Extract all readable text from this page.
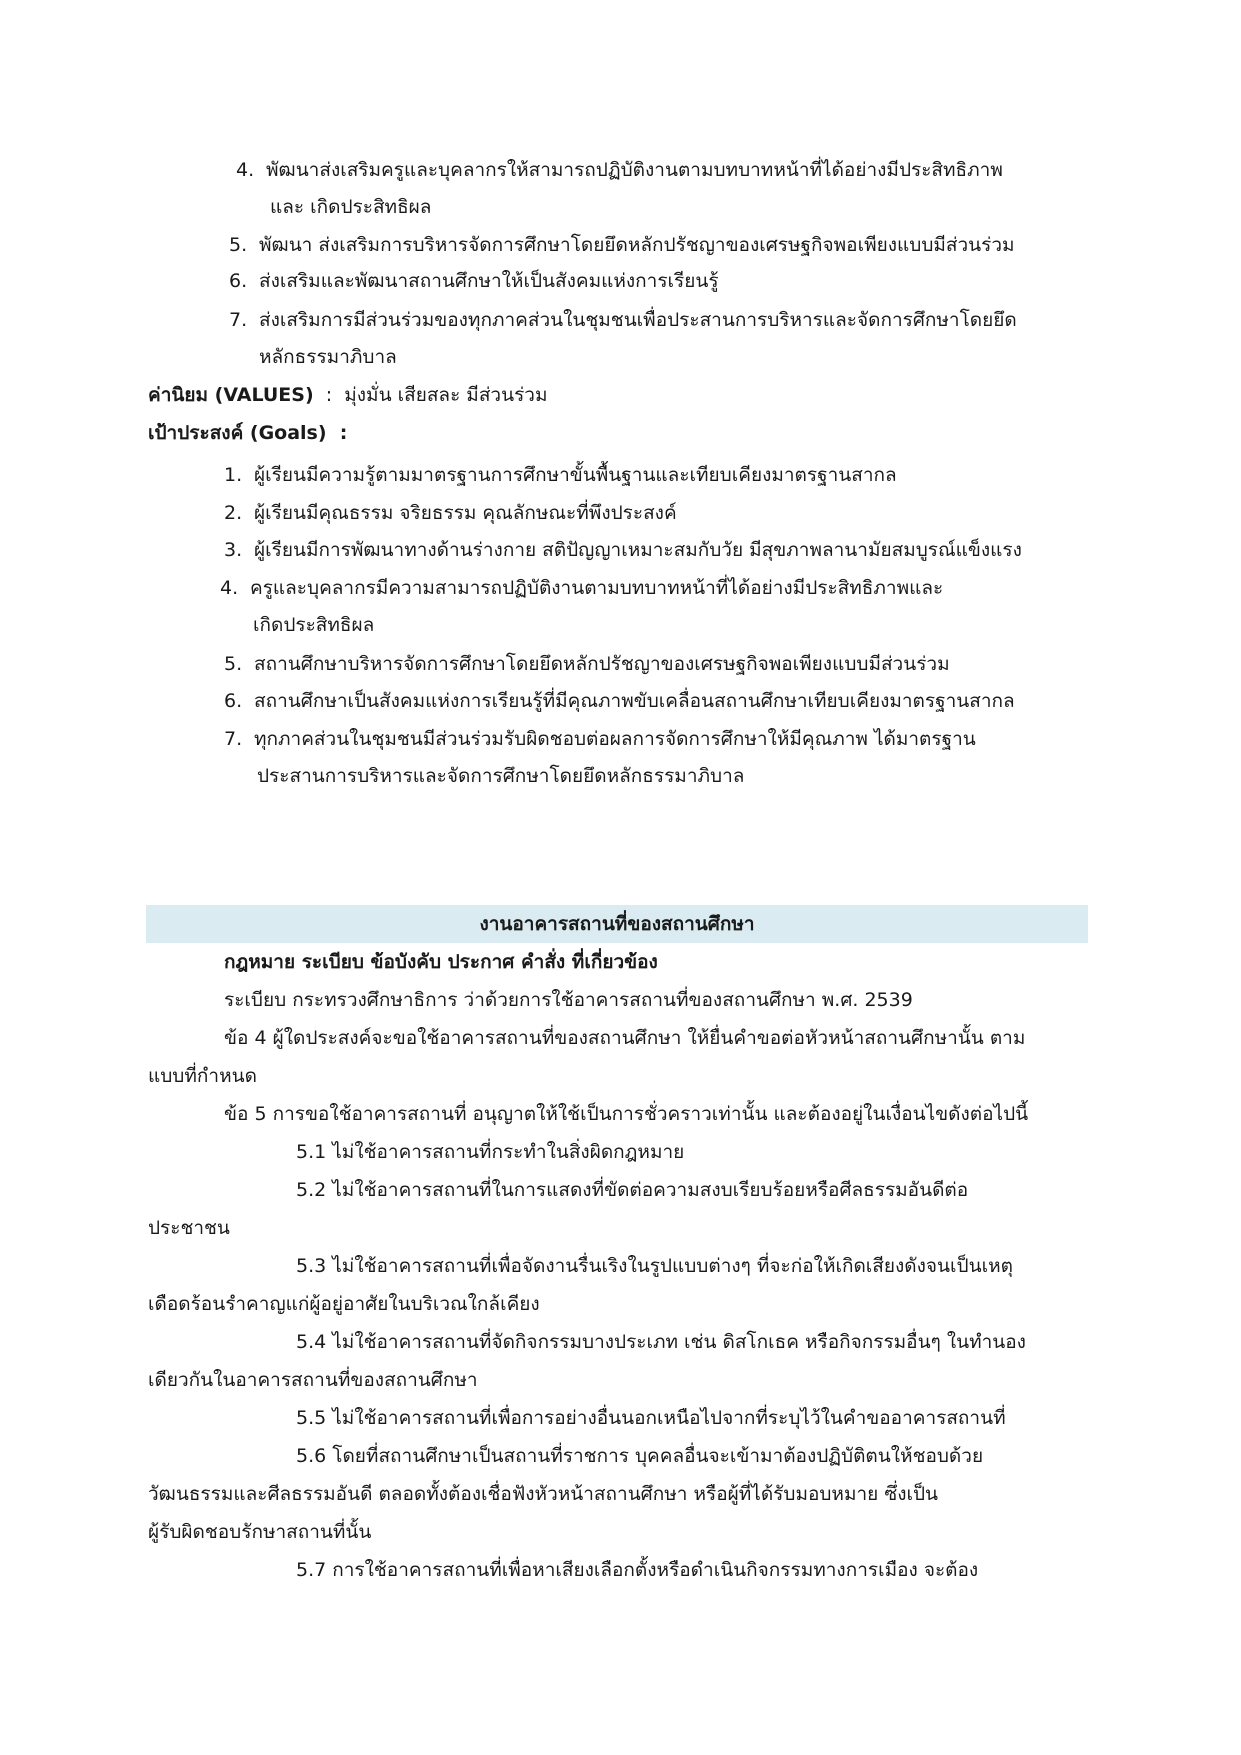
4. พัฒนาส่งเสริมครูและบุคลากรให้สามารถปฏิบัติงานตามบทบาทหน้าที่ได้อย่างมีประสิทธิภาพ
และ เกิดประสิทธิผล
5. พัฒนา ส่งเสริมการบริหารจัดการศึกษาโดยยึดหลักปรัชญาของเศรษฐกิจพอเพียงแบบมีส่วนร่วม
6. ส่งเสริมและพัฒนาสถานศึกษาให้เป็นสังคมแห่งการเรียนรู้
7. ส่งเสริมการมีส่วนร่วมของทุกภาคส่วนในชุมชนเพื่อประสานการบริหารและจัดการศึกษาโดยยึด
หลักธรรมาภิบาล
ค่านิยม (VALUES) : มุ่งมั่น เสียสละ มีส่วนร่วม
เป้าประสงค์ (Goals) :
1. ผู้เรียนมีความรู้ตามมาตรฐานการศึกษาขั้นพื้นฐานและเทียบเคียงมาตรฐานสากล
2. ผู้เรียนมีคุณธรรม จริยธรรม คุณลักษณะที่พึงประสงค์
3. ผู้เรียนมีการพัฒนาทางด้านร่างกาย สติปัญญาเหมาะสมกับวัย มีสุขภาพลานามัยสมบูรณ์แข็งแรง
4. ครูและบุคลากรมีความสามารถปฏิบัติงานตามบทบาทหน้าที่ได้อย่างมีประสิทธิภาพและ
เกิดประสิทธิผล
5. สถานศึกษาบริหารจัดการศึกษาโดยยึดหลักปรัชญาของเศรษฐกิจพอเพียงแบบมีส่วนร่วม
6. สถานศึกษาเป็นสังคมแห่งการเรียนรู้ที่มีคุณภาพขับเคลื่อนสถานศึกษาเทียบเคียงมาตรฐานสากล
7. ทุกภาคส่วนในชุมชนมีส่วนร่วมรับผิดชอบต่อผลการจัดการศึกษาให้มีคุณภาพ ได้มาตรฐาน
ประสานการบริหารและจัดการศึกษาโดยยึดหลักธรรมาภิบาล
งานอาคารสถานที่ของสถานศึกษา
กฎหมาย ระเบียบ ข้อบังคับ ประกาศ คำสั่ง ที่เกี่ยวข้อง
ระเบียบ กระทรวงศึกษาธิการ ว่าด้วยการใช้อาคารสถานที่ของสถานศึกษา พ.ศ. 2539
ข้อ 4 ผู้ใดประสงค์จะขอใช้อาคารสถานที่ของสถานศึกษา ให้ยื่นคำขอต่อหัวหน้าสถานศึกษานั้น ตาม
แบบที่กำหนด
ข้อ 5 การขอใช้อาคารสถานที่ อนุญาตให้ใช้เป็นการชั่วคราวเท่านั้น และต้องอยู่ในเงื่อนไขดังต่อไปนี้
5.1 ไม่ใช้อาคารสถานที่กระทำในสิ่งผิดกฎหมาย
5.2 ไม่ใช้อาคารสถานที่ในการแสดงที่ขัดต่อความสงบเรียบร้อยหรือศีลธรรมอันดีต่อ
ประชาชน
5.3 ไม่ใช้อาคารสถานที่เพื่อจัดงานรื่นเริงในรูปแบบต่างๆ ที่จะก่อให้เกิดเสียงดังจนเป็นเหตุ
เดือดร้อนรำคาญแก่ผู้อยู่อาศัยในบริเวณใกล้เคียง
5.4 ไม่ใช้อาคารสถานที่จัดกิจกรรมบางประเภท เช่น ดิสโกเธค หรือกิจกรรมอื่นๆ ในทำนอง
เดียวกันในอาคารสถานที่ของสถานศึกษา
5.5 ไม่ใช้อาคารสถานที่เพื่อการอย่างอื่นนอกเหนือไปจากที่ระบุไว้ในคำขออาคารสถานที่
5.6 โดยที่สถานศึกษาเป็นสถานที่ราชการ บุคคลอื่นจะเข้ามาต้องปฏิบัติตนให้ชอบด้วย
วัฒนธรรมและศีลธรรมอันดี ตลอดทั้งต้องเชื่อฟังหัวหน้าสถานศึกษา หรือผู้ที่ได้รับมอบหมาย ซึ่งเป็น
ผู้รับผิดชอบรักษาสถานที่นั้น
5.7 การใช้อาคารสถานที่เพื่อหาเสียงเลือกตั้งหรือดำเนินกิจกรรมทางการเมือง จะต้อง
